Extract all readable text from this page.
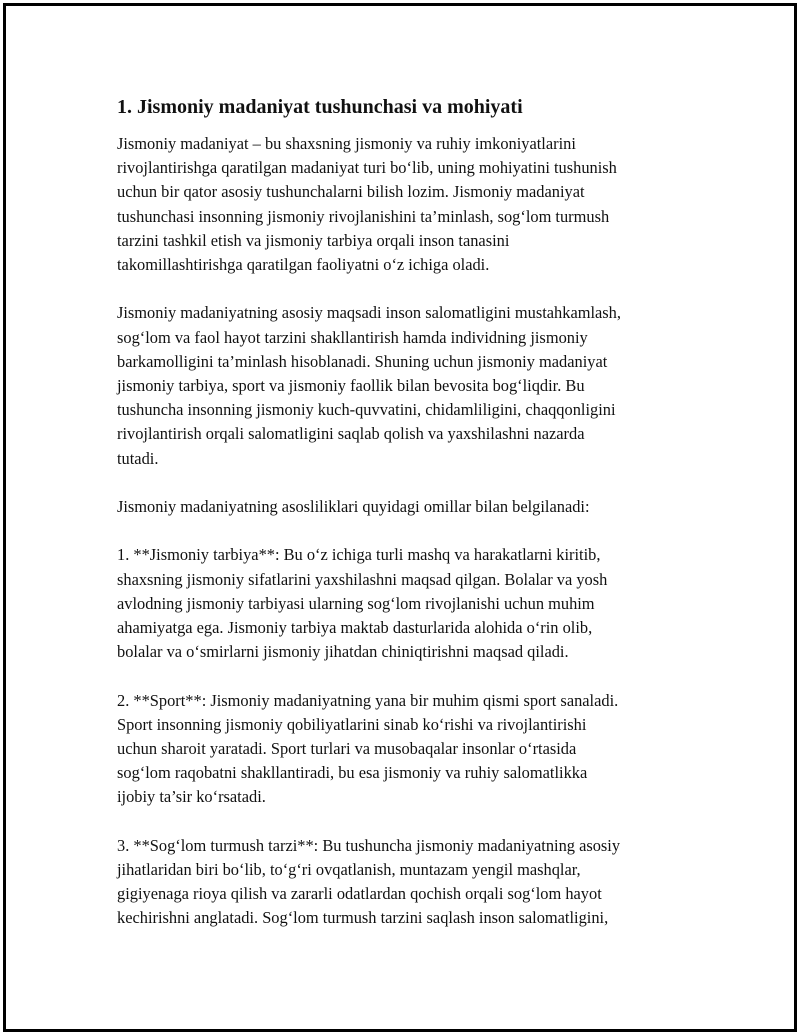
1. Jismoniy madaniyat tushunchasi va mohiyati

Jismoniy madaniyat – bu shaxsning jismoniy va ruhiy imkoniyatlarini
rivojlantirishga qaratilgan madaniyat turi bo‘lib, uning mohiyatini tushunish
uchun bir qator asosiy tushunchalarni bilish lozim. Jismoniy madaniyat
tushunchasi insonning jismoniy rivojlanishini ta’minlash, sog‘lom turmush
tarzini tashkil etish va jismoniy tarbiya orqali inson tanasini
takomillashtirishga qaratilgan faoliyatni o‘z ichiga oladi.

Jismoniy madaniyatning asosiy maqsadi inson salomatligini mustahkamlash,
sog‘lom va faol hayot tarzini shakllantirish hamda individning jismoniy
barkamolligini ta’minlash hisoblanadi. Shuning uchun jismoniy madaniyat
jismoniy tarbiya, sport va jismoniy faollik bilan bevosita bog‘liqdir. Bu
tushuncha insonning jismoniy kuch-quvvatini, chidamliligini, chaqqonligini
rivojlantirish orqali salomatligini saqlab qolish va yaxshilashni nazarda
tutadi.

Jismoniy madaniyatning asosliliklari quyidagi omillar bilan belgilanadi:

1. **Jismoniy tarbiya**: Bu o‘z ichiga turli mashq va harakatlarni kiritib,
shaxsning jismoniy sifatlarini yaxshilashni maqsad qilgan. Bolalar va yosh
avlodning jismoniy tarbiyasi ularning sog‘lom rivojlanishi uchun muhim
ahamiyatga ega. Jismoniy tarbiya maktab dasturlarida alohida o‘rin olib,
bolalar va o‘smirlarni jismoniy jihatdan chiniqtirishni maqsad qiladi.

2. **Sport**: Jismoniy madaniyatning yana bir muhim qismi sport sanaladi.
Sport insonning jismoniy qobiliyatlarini sinab ko‘rishi va rivojlantirishi
uchun sharoit yaratadi. Sport turlari va musobaqalar insonlar o‘rtasida
sog‘lom raqobatni shakllantiradi, bu esa jismoniy va ruhiy salomatlikka
ijobiy ta’sir ko‘rsatadi.

3. **Sog‘lom turmush tarzi**: Bu tushuncha jismoniy madaniyatning asosiy
jihatlaridan biri bo‘lib, to‘g‘ri ovqatlanish, muntazam yengil mashqlar,
gigiyenaga rioya qilish va zararli odatlardan qochish orqali sog‘lom hayot
kechirishni anglatadi. Sog‘lom turmush tarzini saqlash inson salomatligini,
